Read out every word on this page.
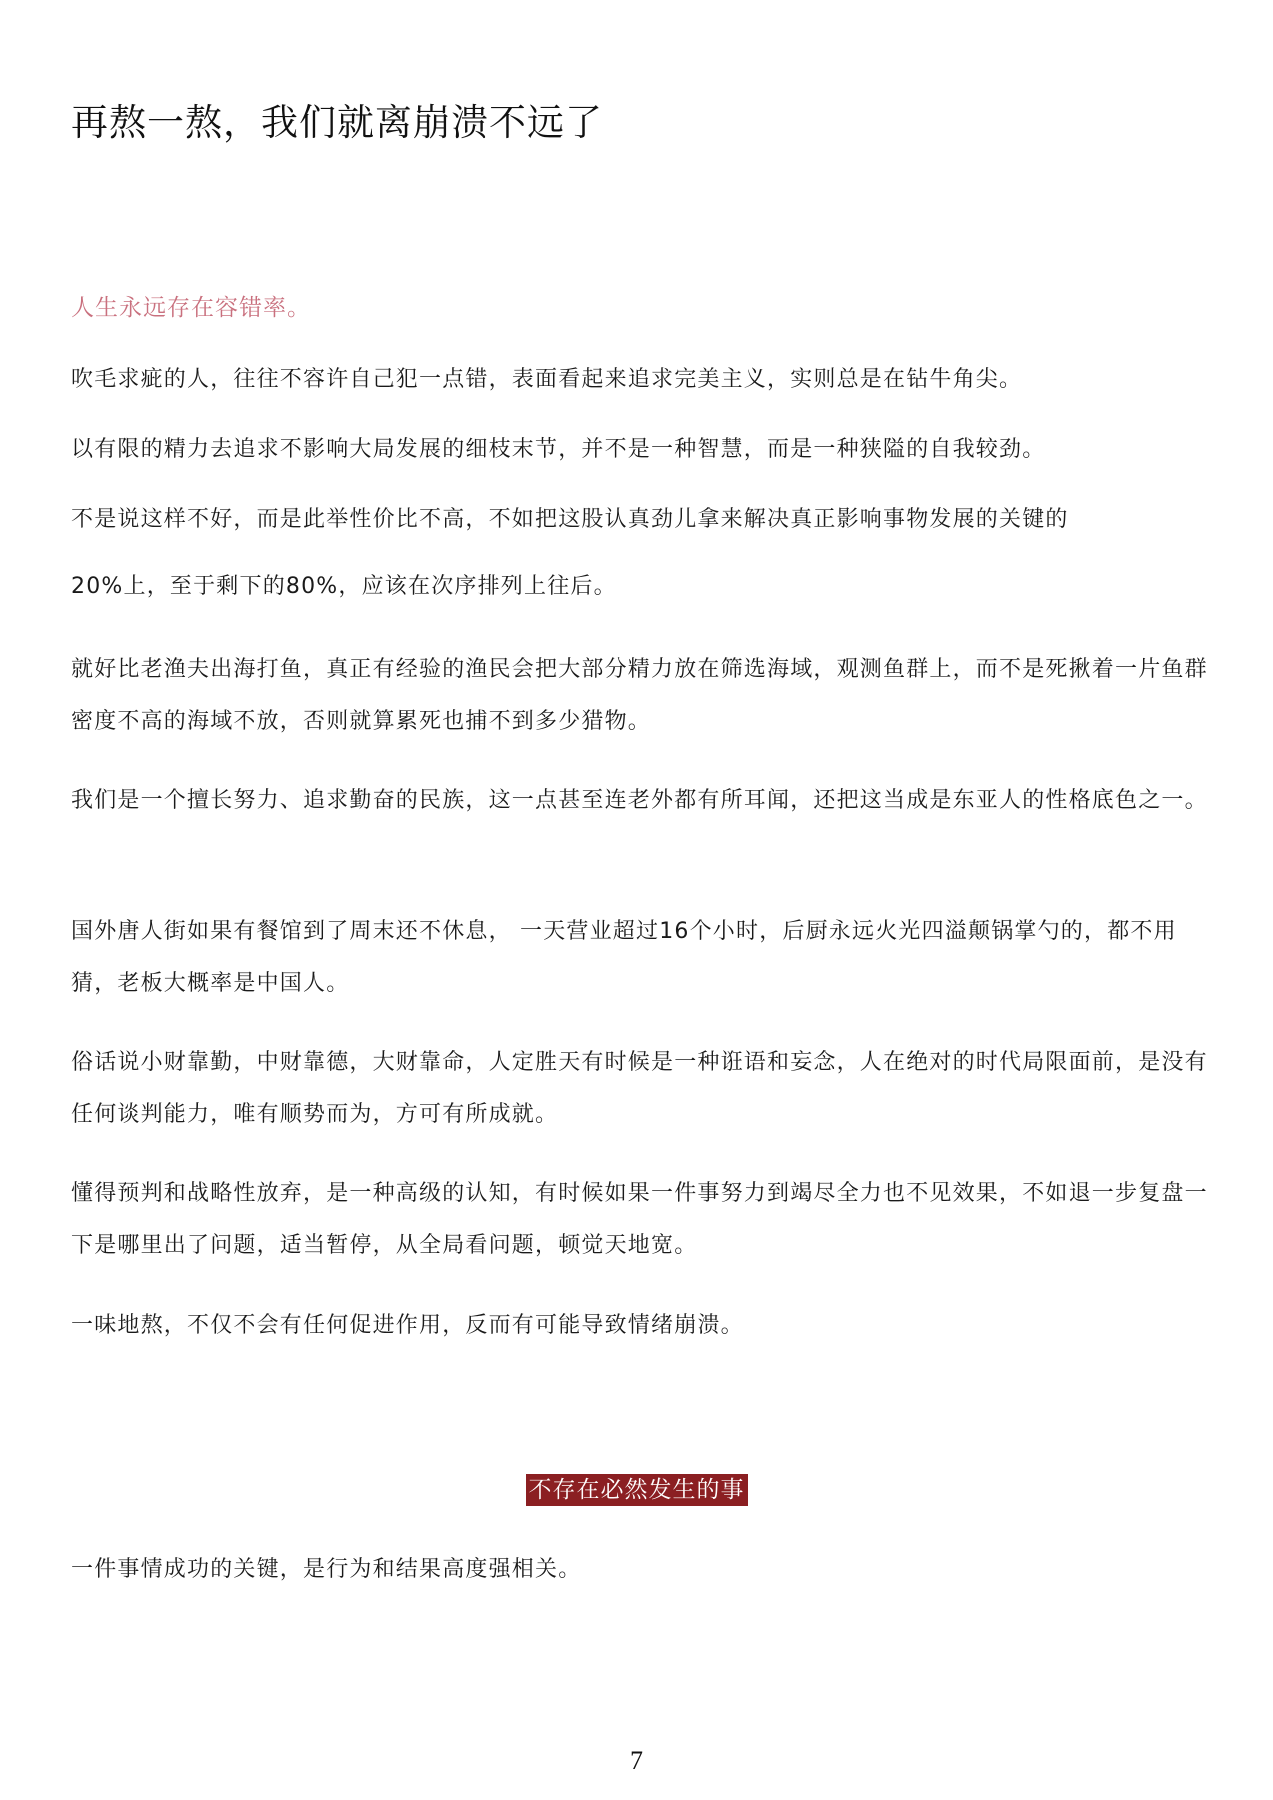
再熬一熬，我们就离崩溃不远了

人生永远存在容错率。

吹毛求疵的人，往往不容许自己犯一点错，表面看起来追求完美主义，实则总是在钻牛角尖。

以有限的精力去追求不影响大局发展的细枝末节，并不是一种智慧，而是一种狭隘的自我较劲。

不是说这样不好，而是此举性价比不高，不如把这股认真劲儿拿来解决真正影响事物发展的关键的

20%上，至于剩下的80%，应该在次序排列上往后。

就好比老渔夫出海打鱼，真正有经验的渔民会把大部分精力放在筛选海域，观测鱼群上，而不是死揪着一片鱼群密度不高的海域不放，否则就算累死也捕不到多少猎物。

我们是一个擅长努力、追求勤奋的民族，这一点甚至连老外都有所耳闻，还把这当成是东亚人的性格底色之一。

国外唐人街如果有餐馆到了周末还不休息， 一天营业超过16个小时，后厨永远火光四溢颠锅掌勺的，都不用猜，老板大概率是中国人。

俗话说小财靠勤，中财靠德，大财靠命，人定胜天有时候是一种诳语和妄念，人在绝对的时代局限面前，是没有任何谈判能力，唯有顺势而为，方可有所成就。

懂得预判和战略性放弃，是一种高级的认知，有时候如果一件事努力到竭尽全力也不见效果，不如退一步复盘一下是哪里出了问题，适当暂停，从全局看问题，顿觉天地宽。

一味地熬，不仅不会有任何促进作用，反而有可能导致情绪崩溃。

不存在必然发生的事

一件事情成功的关键，是行为和结果高度强相关。

7
